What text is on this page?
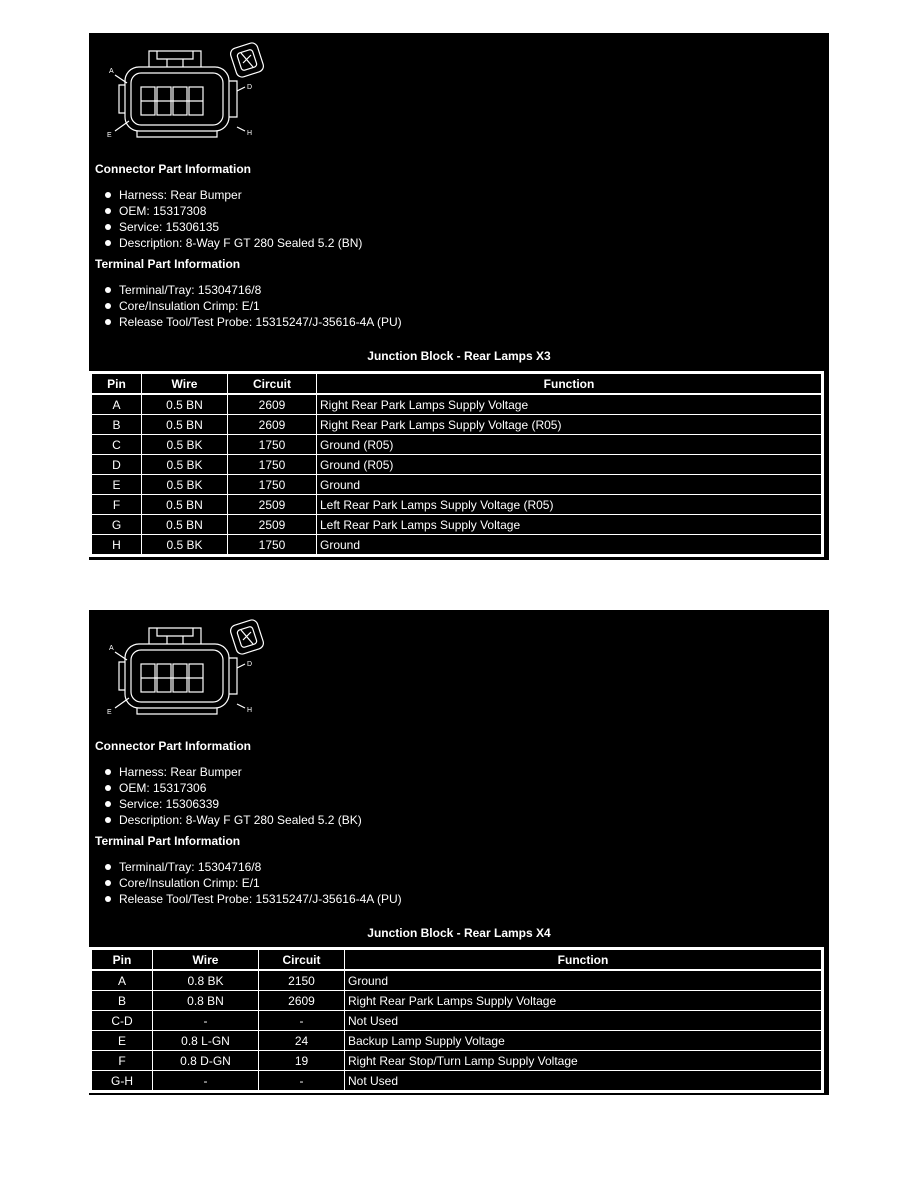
A
D
E	H

Connector Part Information

Harness: Rear Bumper
OEM: 15317308
Service: 15306135
Description: 8-Way F GT 280 Sealed 5.2 (BN)

Terminal Part Information

Terminal/Tray: 15304716/8
Core/Insulation Crimp: E/1
Release Tool/Test Probe: 15315247/J-35616-4A (PU)

Junction Block - Rear Lamps X3

Pin	Wire	Circuit	Function
A	0.5 BN	2609	Right Rear Park Lamps Supply Voltage
B	0.5 BN	2609	Right Rear Park Lamps Supply Voltage (R05)
C	0.5 BK	1750	Ground (R05)
D	0.5 BK	1750	Ground (R05)
E	0.5 BK	1750	Ground
F	0.5 BN	2509	Left Rear Park Lamps Supply Voltage (R05)
G	0.5 BN	2509	Left Rear Park Lamps Supply Voltage
H	0.5 BK	1750	Ground
A
D
E	H

Connector Part Information

Harness: Rear Bumper
OEM: 15317306
Service: 15306339
Description: 8-Way F GT 280 Sealed 5.2 (BK)

Terminal Part Information

Terminal/Tray: 15304716/8
Core/Insulation Crimp: E/1
Release Tool/Test Probe: 15315247/J-35616-4A (PU)

Junction Block - Rear Lamps X4

Pin	Wire	Circuit	Function
A	0.8 BK	2150	Ground
B	0.8 BN	2609	Right Rear Park Lamps Supply Voltage
C-D	-	-	Not Used
E	0.8 L-GN	24	Backup Lamp Supply Voltage
F	0.8 D-GN	19	Right Rear Stop/Turn Lamp Supply Voltage
G-H	-	-	Not Used
